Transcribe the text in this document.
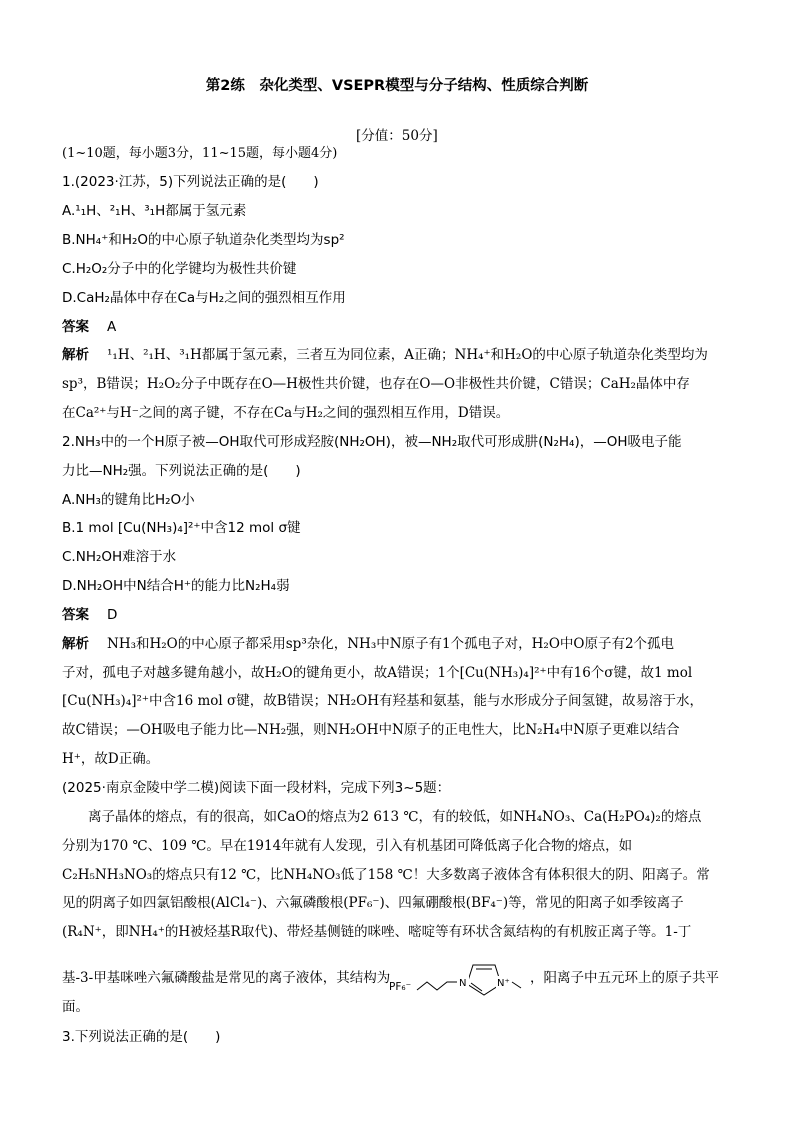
第2练　杂化类型、VSEPR模型与分子结构、性质综合判断
[分值：50分]
(1~10题，每小题3分，11~15题，每小题4分)
1.(2023·江苏，5)下列说法正确的是(　　)
A.¹₁H、²₁H、³₁H都属于氢元素
B.NH₄⁺和H₂O的中心原子轨道杂化类型均为sp²
C.H₂O₂分子中的化学键均为极性共价键
D.CaH₂晶体中存在Ca与H₂之间的强烈相互作用
答案 A
解析 ¹₁H、²₁H、³₁H都属于氢元素，三者互为同位素，A正确；NH₄⁺和H₂O的中心原子轨道杂化类型均为
sp³，B错误；H₂O₂分子中既存在O—H极性共价键，也存在O—O非极性共价键，C错误；CaH₂晶体中存
在Ca²⁺与H⁻之间的离子键，不存在Ca与H₂之间的强烈相互作用，D错误。
2.NH₃中的一个H原子被—OH取代可形成羟胺(NH₂OH)，被—NH₂取代可形成肼(N₂H₄)，—OH吸电子能
力比—NH₂强。下列说法正确的是(　　)
A.NH₃的键角比H₂O小
B.1 mol [Cu(NH₃)₄]²⁺中含12 mol σ键
C.NH₂OH难溶于水
D.NH₂OH中N结合H⁺的能力比N₂H₄弱
答案 D
解析 NH₃和H₂O的中心原子都采用sp³杂化，NH₃中N原子有1个孤电子对，H₂O中O原子有2个孤电
子对，孤电子对越多键角越小，故H₂O的键角更小，故A错误；1个[Cu(NH₃)₄]²⁺中有16个σ键，故1 mol
[Cu(NH₃)₄]²⁺中含16 mol σ键，故B错误；NH₂OH有羟基和氨基，能与水形成分子间氢键，故易溶于水，
故C错误；—OH吸电子能力比—NH₂强，则NH₂OH中N原子的正电性大，比N₂H₄中N原子更难以结合
H⁺，故D正确。
(2025·南京金陵中学二模)阅读下面一段材料，完成下列3~5题：
离子晶体的熔点，有的很高，如CaO的熔点为2 613 ℃，有的较低，如NH₄NO₃、Ca(H₂PO₄)₂的熔点
分别为170 ℃、109 ℃。早在1914年就有人发现，引入有机基团可降低离子化合物的熔点，如
C₂H₅NH₃NO₃的熔点只有12 ℃，比NH₄NO₃低了158 ℃！大多数离子液体含有体积很大的阴、阳离子。常
见的阴离子如四氯铝酸根(AlCl₄⁻)、六氟磷酸根(PF₆⁻)、四氟硼酸根(BF₄⁻)等，常见的阳离子如季铵离子
(R₄N⁺，即NH₄⁺的H被烃基R取代)、带烃基侧链的咪唑、嘧啶等有环状含氮结构的有机胺正离子等。1-丁
基-3-甲基咪唑六氟磷酸盐是常见的离子液体，其结构为
PF₆⁻	N	N⁺ ，阳离子中五元环上的原子共平
面。
3.下列说法正确的是(　　)
